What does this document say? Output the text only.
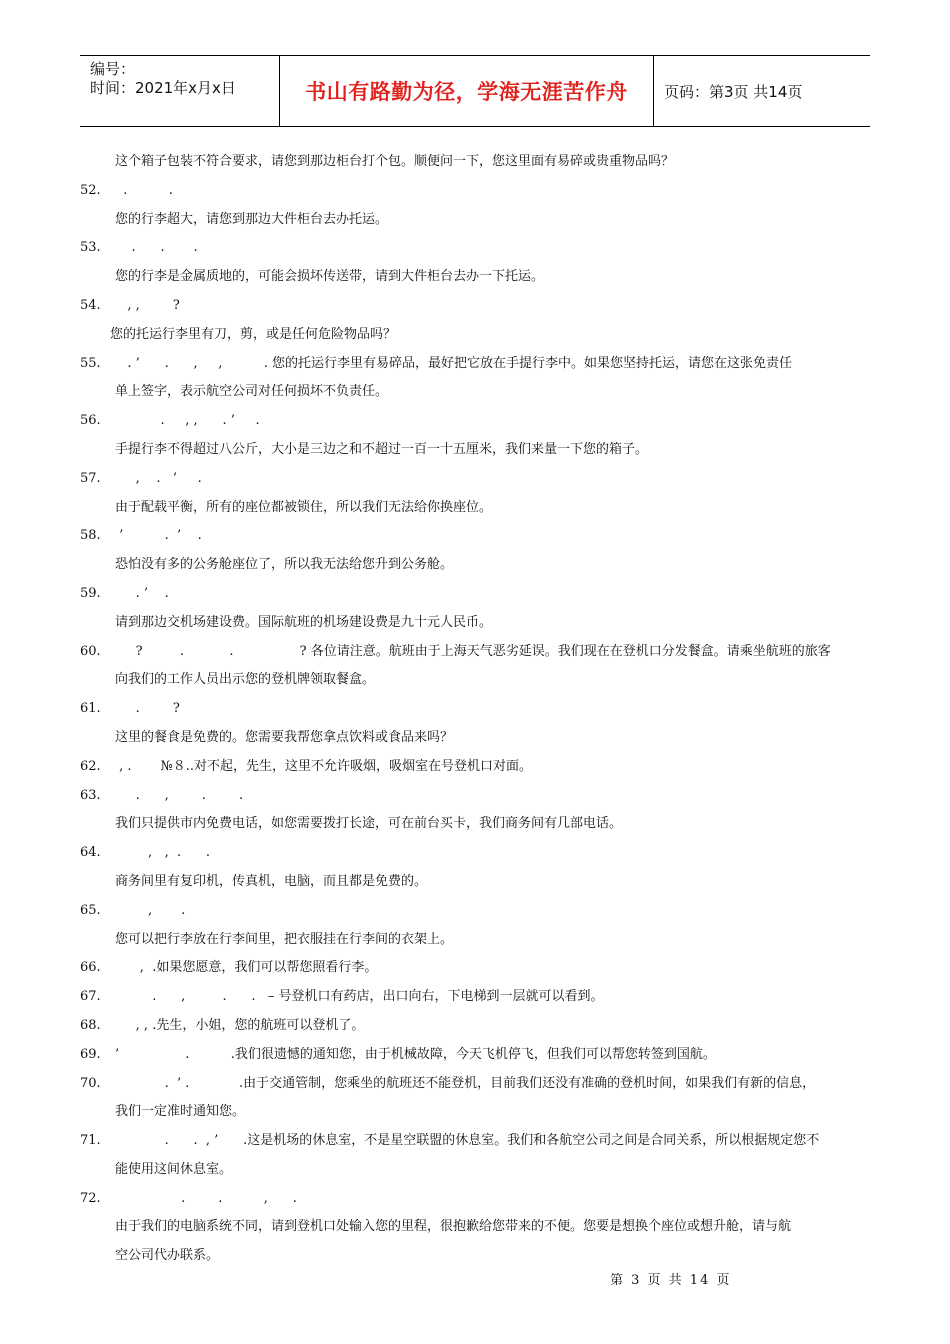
编号：
时间：2021年x月x日	书山有路勤为径，学海无涯苦作舟	页码：第3页 共14页
这个箱子包装不符合要求，请您到那边柜台打个包。顺便问一下，您这里面有易碎或贵重物品吗？
52.  .          .
您的行李超大，请您到那边大件柜台去办托运。
53.    .      .       .
您的行李是金属质地的，可能会损坏传送带，请到大件柜台去办一下托运。
54.   , ,        ?
您的托运行李里有刀，剪，或是任何危险物品吗？
55.   . ’      .      ,     ,          . 您的托运行李里有易碎品，最好把它放在手提行李中。如果您坚持托运，请您在这张免责任
单上签字，表示航空公司对任何损坏不负责任。
56.           .     , ,      . ’     .
手提行李不得超过八公斤，大小是三边之和不超过一百一十五厘米，我们来量一下您的箱子。
57.     ,    .   ’     .
由于配载平衡，所有的座位都被锁住，所以我们无法给你换座位。
58. ’          .  ’    .
恐怕没有多的公务舱座位了，所以我无法给您升到公务舱。
59.     . ’    .
请到那边交机场建设费。国际航班的机场建设费是九十元人民币。
60.     ?         .           .                ? 各位请注意。航班由于上海天气恶劣延误。我们现在在登机口分发餐盒。请乘坐航班的旅客
向我们的工作人员出示您的登机牌领取餐盒。
61.     .        ?
这里的餐食是免费的。您需要我帮您拿点饮料或食品来吗？
62. , .       №８..对不起，先生，这里不允许吸烟，吸烟室在号登机口对面。
63.     .      ,        .        .
我们只提供市内免费电话，如您需要拨打长途，可在前台买卡，我们商务间有几部电话。
64.        ,   ,  .      .
商务间里有复印机，传真机，电脑，而且都是免费的。
65.        ,       .
您可以把行李放在行李间里，把衣服挂在行李间的衣架上。
66.      ,  .如果您愿意，我们可以帮您照看行李。
67.         .      ,         .      .   – 号登机口有药店，出口向右，下电梯到一层就可以看到。
68.     , , .先生，小姐，您的航班可以登机了。
69. ’                .          .我们很遗憾的通知您，由于机械故障，今天飞机停飞，但我们可以帮您转签到国航。
70.            .  ’ .            .由于交通管制，您乘坐的航班还不能登机，目前我们还没有准确的登机时间，如果我们有新的信息，
我们一定准时通知您。
71.            .      .  , ’      .这是机场的休息室，不是星空联盟的休息室。我们和各航空公司之间是合同关系，所以根据规定您不
能使用这间休息室。
72.                .        .          ,      .
由于我们的电脑系统不同，请到登机口处输入您的里程，很抱歉给您带来的不便。您要是想换个座位或想升舱，请与航
空公司代办联系。
第 3 页 共 14 页
